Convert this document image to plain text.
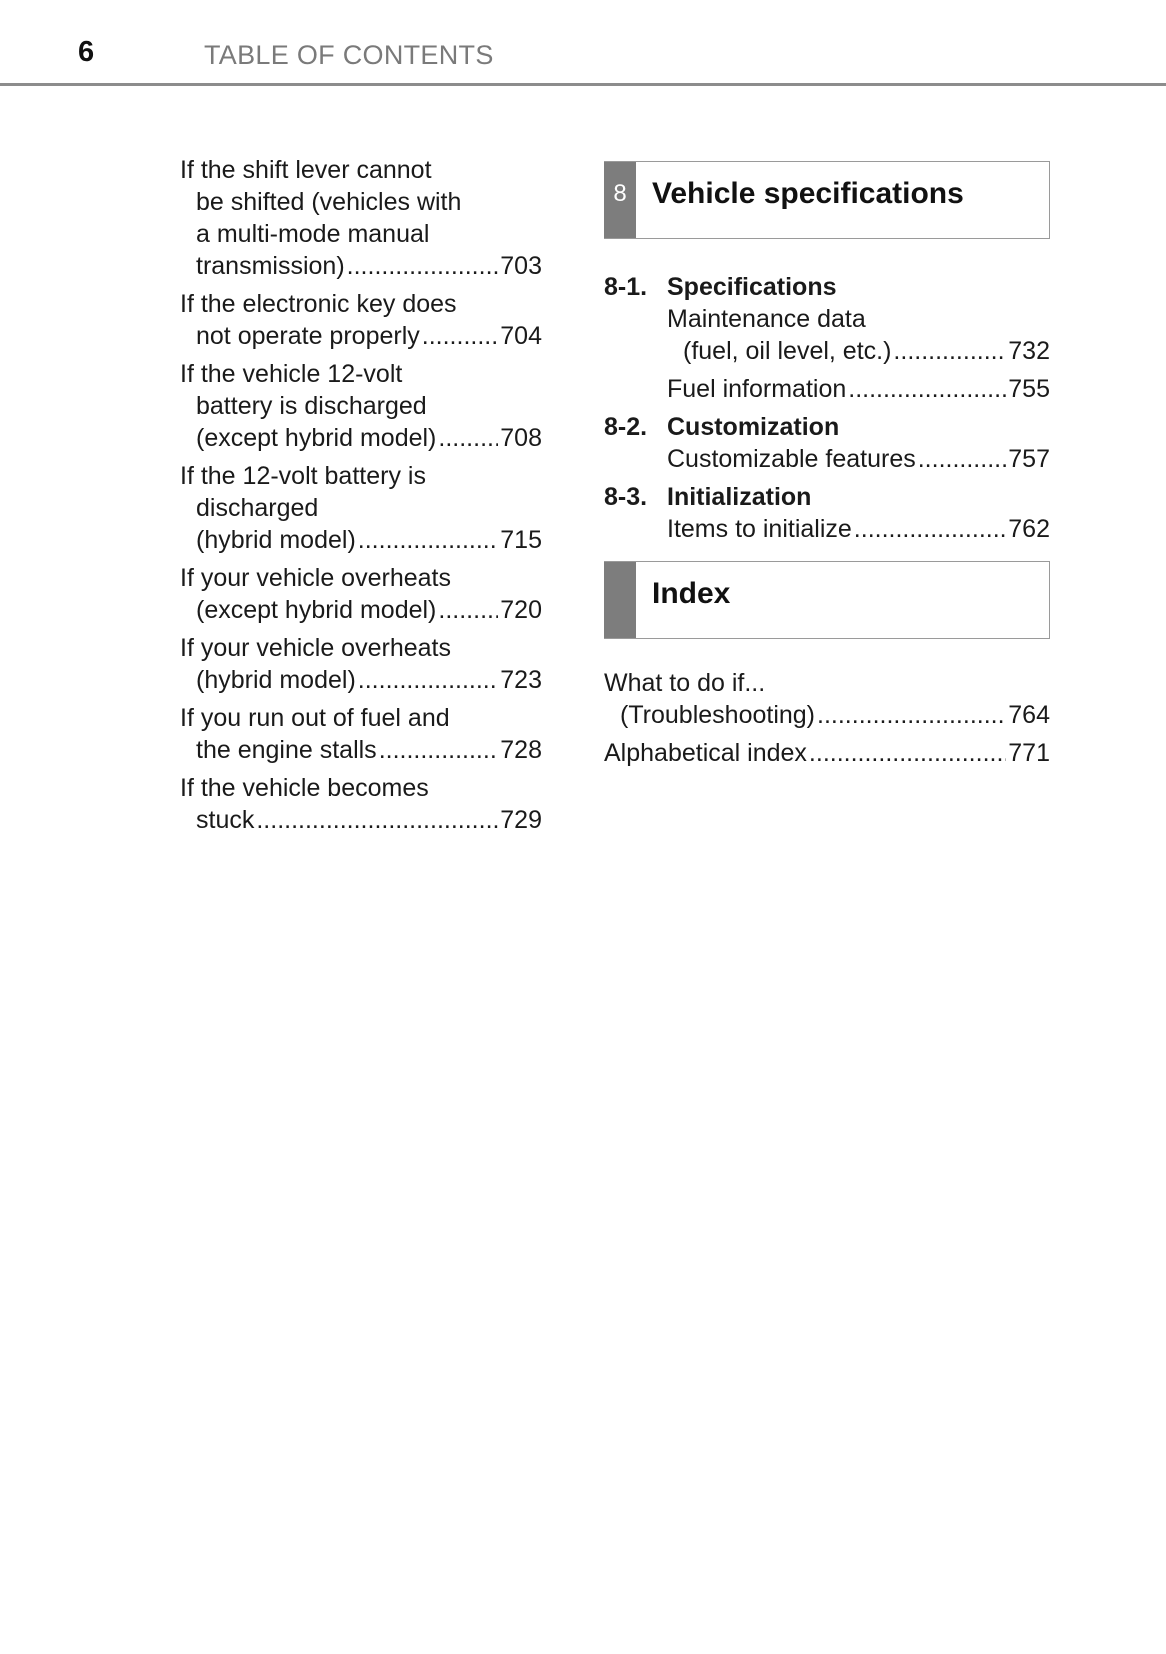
6	TABLE OF CONTENTS
If the shift lever cannot
be shifted (vehicles with
a multi-mode manual
transmission) .....	703
If the electronic key does
not operate properly .....	704
If the vehicle 12-volt
battery is discharged
(except hybrid model) .....	708
If the 12-volt battery is
discharged
(hybrid model) .....	715
If your vehicle overheats
(except hybrid model) .....	720
If your vehicle overheats
(hybrid model) .....	723
If you run out of fuel and
the engine stalls .....	728
If the vehicle becomes
stuck .....	729
8 Vehicle specifications
8-1. Specifications
Maintenance data
(fuel, oil level, etc.) .....	732
Fuel information .....	755
8-2. Customization
Customizable features .....	757
8-3. Initialization
Items to initialize .....	762
Index
What to do if...
(Troubleshooting) .....	764
Alphabetical index .....	771
